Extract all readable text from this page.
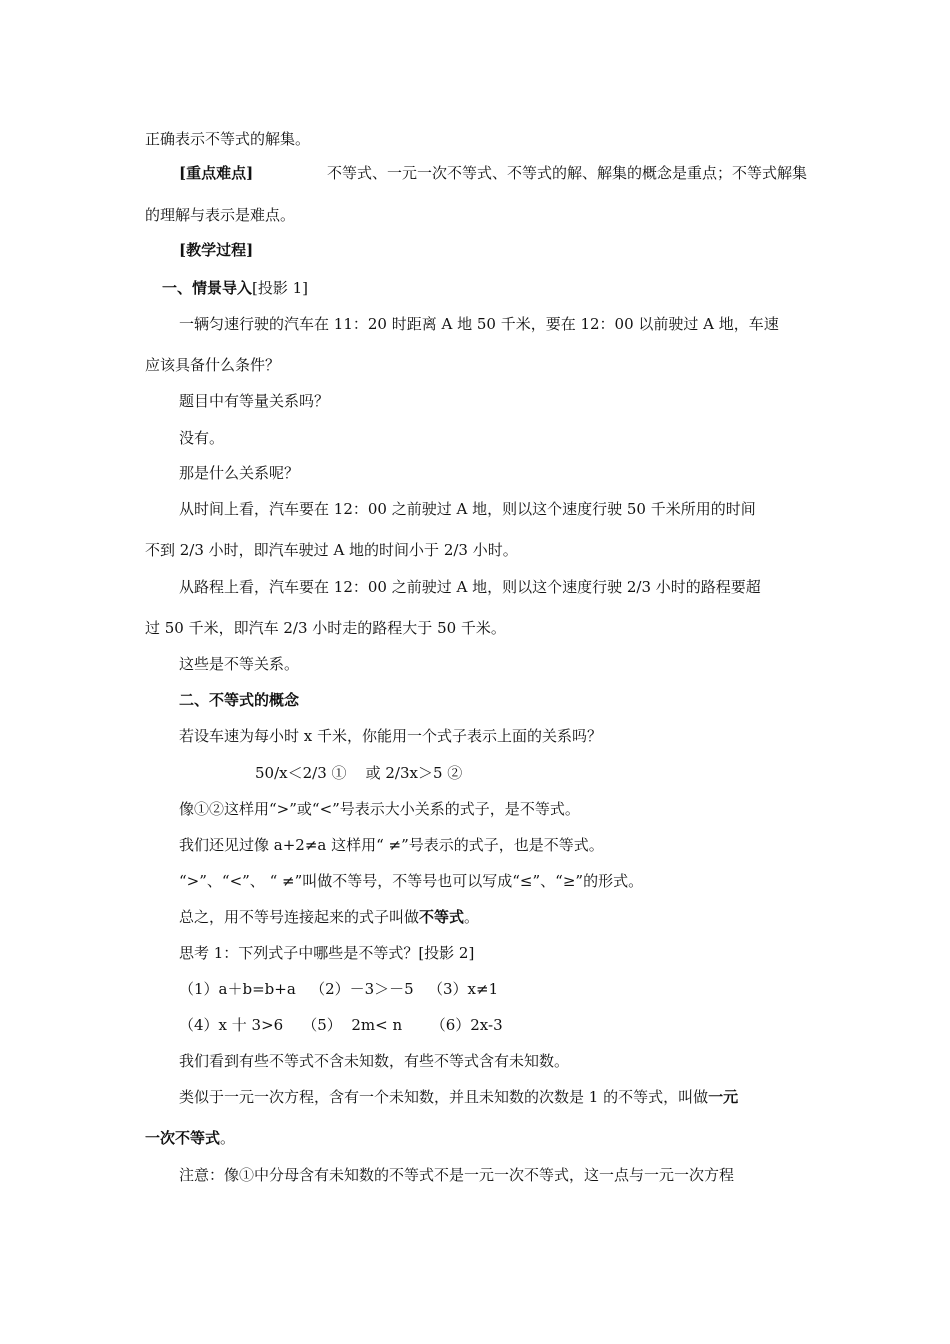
正确表示不等式的解集。
[重点难点]	不等式、一元一次不等式、不等式的解、解集的概念是重点；不等式解集
的理解与表示是难点。
[教学过程]
一、情景导入[投影 1]
一辆匀速行驶的汽车在 11：20 时距离 A 地 50 千米，要在 12：00 以前驶过 A 地，车速
应该具备什么条件？
题目中有等量关系吗？
没有。
那是什么关系呢？
从时间上看，汽车要在 12：00 之前驶过 A 地，则以这个速度行驶 50 千米所用的时间
不到 2/3 小时，即汽车驶过 A 地的时间小于 2/3 小时。
从路程上看，汽车要在 12：00 之前驶过 A 地，则以这个速度行驶 2/3 小时的路程要超
过 50 千米，即汽车 2/3 小时走的路程大于 50 千米。
这些是不等关系。
二、不等式的概念
若设车速为每小时 x 千米，你能用一个式子表示上面的关系吗？
50/x＜2/3 ①    或 2/3x＞5 ②
像①②这样用“>”或“<”号表示大小关系的式子，是不等式。
我们还见过像 a+2≠a 这样用“ ≠”号表示的式子，也是不等式。
“>”、“<”、 “ ≠”叫做不等号，不等号也可以写成“≤”、“≥”的形式。
总之，用不等号连接起来的式子叫做不等式。
思考 1：下列式子中哪些是不等式？[投影 2]
（1）a＋b=b+a   （2）－3＞－5   （3）x≠1
（4）x 十 3>6    （5）  2m< n      （6）2x-3
我们看到有些不等式不含未知数，有些不等式含有未知数。
类似于一元一次方程，含有一个未知数，并且未知数的次数是 1 的不等式，叫做一元
一次不等式。
注意：像①中分母含有未知数的不等式不是一元一次不等式，这一点与一元一次方程
